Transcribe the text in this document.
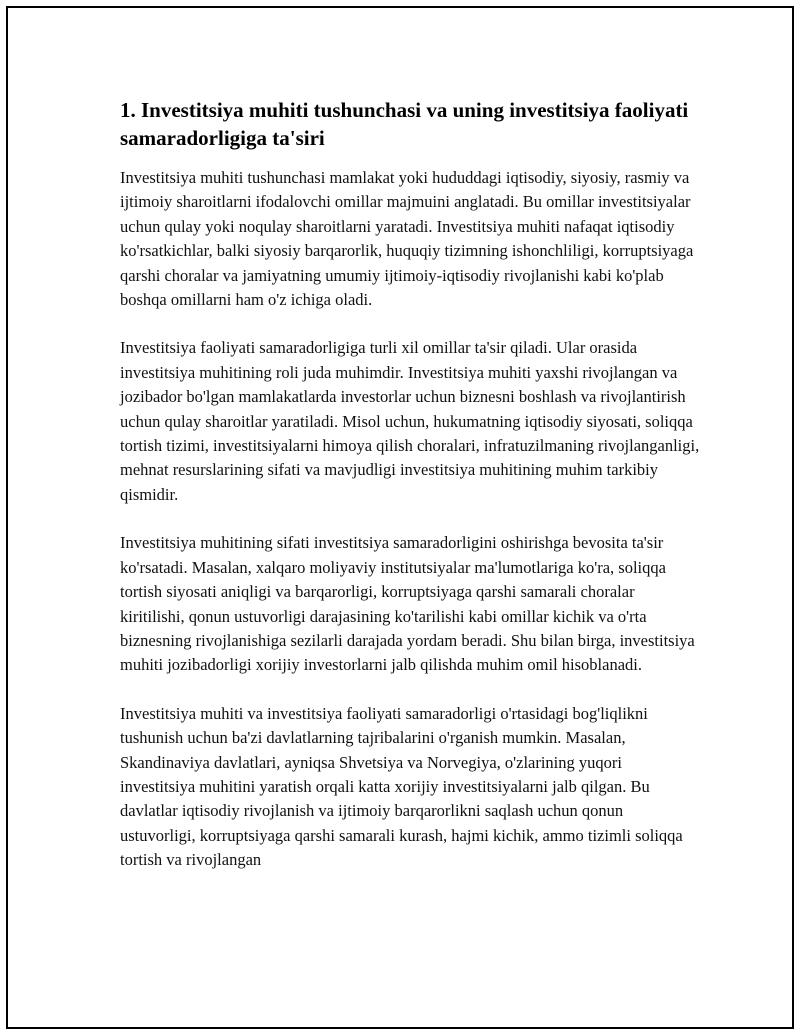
1. Investitsiya muhiti tushunchasi va uning investitsiya faoliyati samaradorligiga ta'siri

Investitsiya muhiti tushunchasi mamlakat yoki hududdagi iqtisodiy, siyosiy, rasmiy va ijtimoiy sharoitlarni ifodalovchi omillar majmuini anglatadi. Bu omillar investitsiyalar uchun qulay yoki noqulay sharoitlarni yaratadi. Investitsiya muhiti nafaqat iqtisodiy ko'rsatkichlar, balki siyosiy barqarorlik, huquqiy tizimning ishonchliligi, korruptsiyaga qarshi choralar va jamiyatning umumiy ijtimoiy-iqtisodiy rivojlanishi kabi ko'plab boshqa omillarni ham o'z ichiga oladi.

Investitsiya faoliyati samaradorligiga turli xil omillar ta'sir qiladi. Ular orasida investitsiya muhitining roli juda muhimdir. Investitsiya muhiti yaxshi rivojlangan va jozibador bo'lgan mamlakatlarda investorlar uchun biznesni boshlash va rivojlantirish uchun qulay sharoitlar yaratiladi. Misol uchun, hukumatning iqtisodiy siyosati, soliqqa tortish tizimi, investitsiyalarni himoya qilish choralari, infratuzilmaning rivojlanganligi, mehnat resurslarining sifati va mavjudligi investitsiya muhitining muhim tarkibiy qismidir.

Investitsiya muhitining sifati investitsiya samaradorligini oshirishga bevosita ta'sir ko'rsatadi. Masalan, xalqaro moliyaviy institutsiyalar ma'lumotlariga ko'ra, soliqqa tortish siyosati aniqligi va barqarorligi, korruptsiyaga qarshi samarali choralar kiritilishi, qonun ustuvorligi darajasining ko'tarilishi kabi omillar kichik va o'rta biznesning rivojlanishiga sezilarli darajada yordam beradi. Shu bilan birga, investitsiya muhiti jozibadorligi xorijiy investorlarni jalb qilishda muhim omil hisoblanadi.

Investitsiya muhiti va investitsiya faoliyati samaradorligi o'rtasidagi bog'liqlikni tushunish uchun ba'zi davlatlarning tajribalarini o'rganish mumkin. Masalan, Skandinaviya davlatlari, ayniqsa Shvetsiya va Norvegiya, o'zlarining yuqori investitsiya muhitini yaratish orqali katta xorijiy investitsiyalarni jalb qilgan. Bu davlatlar iqtisodiy rivojlanish va ijtimoiy barqarorlikni saqlash uchun qonun ustuvorligi, korruptsiyaga qarshi samarali kurash, hajmi kichik, ammo tizimli soliqqa tortish va rivojlangan
